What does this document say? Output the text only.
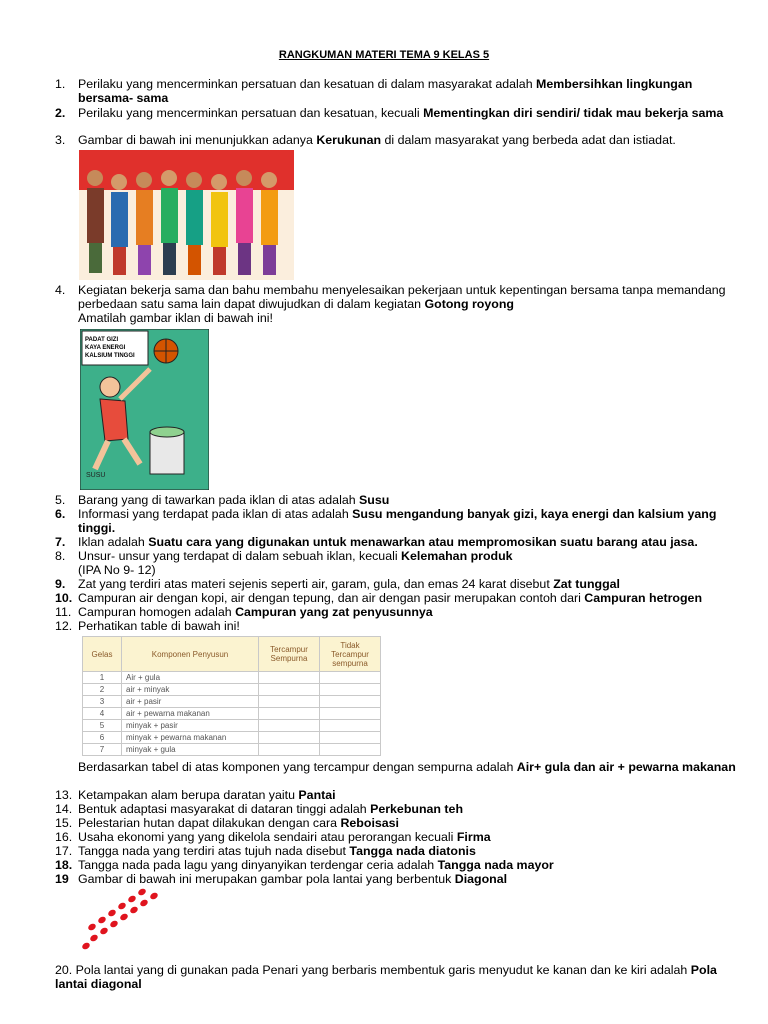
RANGKUMAN MATERI TEMA 9 KELAS 5
1.	Perilaku yang mencerminkan persatuan dan kesatuan di dalam masyarakat adalah Membersihkan lingkungan bersama- sama
2.	Perilaku yang mencerminkan persatuan dan kesatuan, kecuali Mementingkan diri sendiri/ tidak mau bekerja sama
3.	Gambar di bawah ini menunjukkan adanya Kerukunan di dalam masyarakat yang berbeda adat dan istiadat.
4.	Kegiatan bekerja sama dan bahu membahu menyelesaikan pekerjaan untuk kepentingan bersama tanpa memandang perbedaan satu sama lain dapat diwujudkan di dalam kegiatan Gotong royong
Amatilah gambar iklan di bawah ini!
PADAT GIZI
KAYA ENERGI
KALSIUM TINGGI
SUSU
5.	Barang yang di tawarkan pada iklan di atas adalah Susu
6.	Informasi yang terdapat pada iklan di atas adalah Susu mengandung banyak gizi, kaya energi dan kalsium yang tinggi.
7.	Iklan adalah Suatu cara yang digunakan untuk menawarkan atau mempromosikan suatu barang atau jasa.
8.	Unsur- unsur yang terdapat di dalam sebuah iklan, kecuali Kelemahan produk
(IPA No 9- 12)
9.	Zat yang terdiri atas materi sejenis seperti air, garam, gula, dan emas 24 karat disebut Zat tunggal
10. Campuran air dengan kopi, air dengan tepung, dan air dengan pasir merupakan contoh dari Campuran hetrogen
11. Campuran homogen adalah Campuran yang zat penyusunnya
12. Perhatikan table di bawah ini!
Gelas	Komponen Penyusun	Tercampur Sempurna	Tidak Tercampur sempurna
1	Air + gula		
2	air + minyak		
3	air + pasir		
4	air + pewarna makanan		
5	minyak + pasir		
6	minyak + pewarna makanan		
7	minyak + gula		
Berdasarkan tabel di atas komponen yang tercampur dengan sempurna adalah Air+ gula dan air + pewarna makanan
13. Ketampakan alam berupa daratan yaitu Pantai
14. Bentuk adaptasi masyarakat di dataran tinggi adalah Perkebunan teh
15. Pelestarian hutan dapat dilakukan dengan cara Reboisasi
16. Usaha ekonomi yang yang dikelola sendairi atau perorangan kecuali Firma
17. Tangga nada yang terdiri atas tujuh nada disebut Tangga nada diatonis
18. Tangga nada pada lagu yang dinyanyikan terdengar ceria adalah Tangga nada mayor
19 Gambar di bawah ini merupakan gambar pola lantai yang berbentuk Diagonal
20. Pola lantai yang di gunakan pada Penari yang berbaris membentuk garis menyudut ke kanan dan ke kiri adalah Pola lantai diagonal
